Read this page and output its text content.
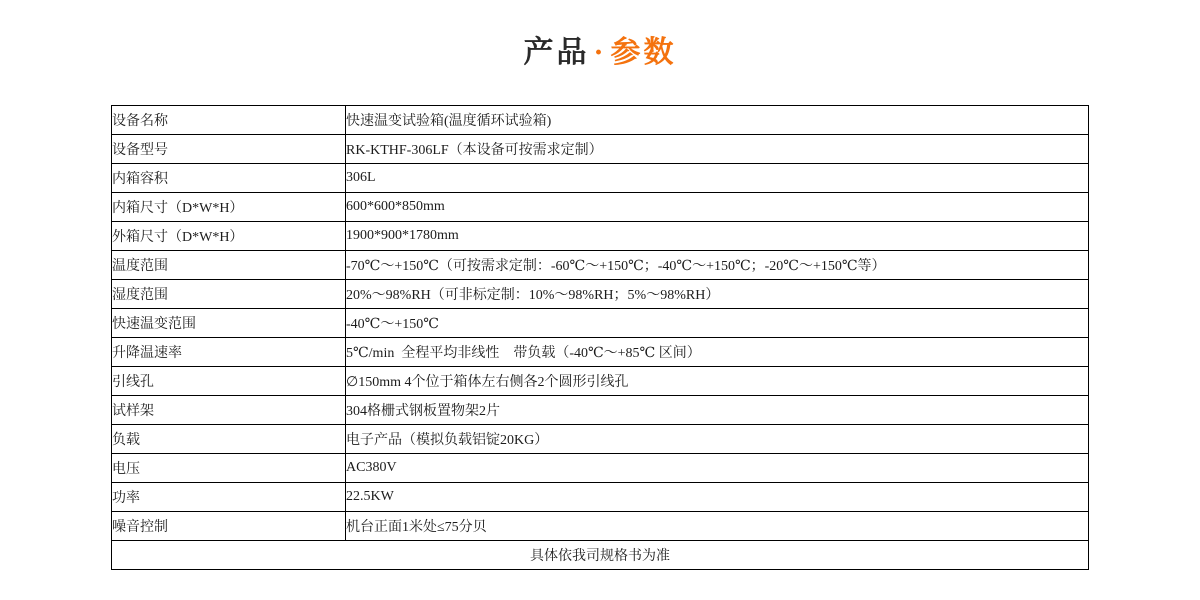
产品 · 参数
设备名称	快速温变试验箱(温度循环试验箱)
设备型号	RK-KTHF-306LF（本设备可按需求定制）
内箱容积	306L
内箱尺寸（D*W*H）	600*600*850mm
外箱尺寸（D*W*H）	1900*900*1780mm
温度范围	-70℃～+150℃（可按需求定制：-60℃～+150℃；-40℃～+150℃；-20℃～+150℃等）
湿度范围	20%～98%RH（可非标定制：10%～98%RH；5%～98%RH）
快速温变范围	-40℃～+150℃
升降温速率	5℃/min  全程平均非线性    带负载（-40℃～+85℃ 区间）
引线孔	∅150mm 4个位于箱体左右侧各2个圆形引线孔
试样架	304格栅式钢板置物架2片
负载	电子产品（模拟负载铝锭20KG）
电压	AC380V
功率	22.5KW
噪音控制	机台正面1米处≤75分贝
具体依我司规格书为准	
